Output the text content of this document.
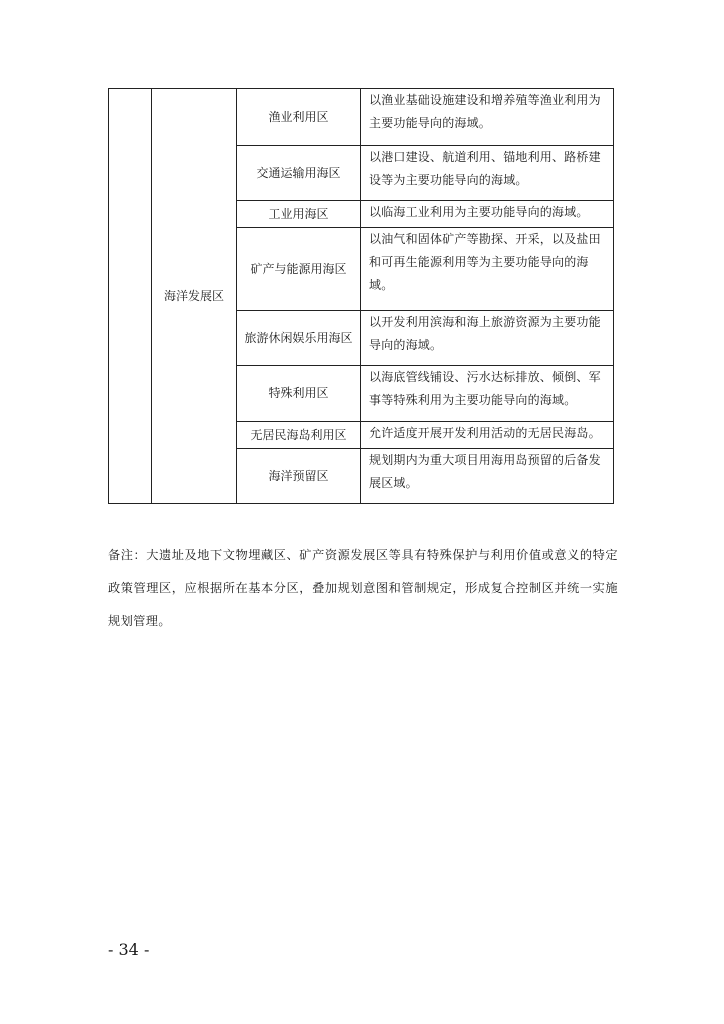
	海洋发展区	渔业利用区	以渔业基础设施建设和增养殖等渔业利用为主要功能导向的海域。
		交通运输用海区	以港口建设、航道利用、锚地利用、路桥建设等为主要功能导向的海域。
		工业用海区	以临海工业利用为主要功能导向的海域。
		矿产与能源用海区	以油气和固体矿产等勘探、开采，以及盐田和可再生能源利用等为主要功能导向的海域。
		旅游休闲娱乐用海区	以开发利用滨海和海上旅游资源为主要功能导向的海域。
		特殊利用区	以海底管线铺设、污水达标排放、倾倒、军事等特殊利用为主要功能导向的海域。
		无居民海岛利用区	允许适度开展开发利用活动的无居民海岛。
		海洋预留区	规划期内为重大项目用海用岛预留的后备发展区域。

备注：大遗址及地下文物埋藏区、矿产资源发展区等具有特殊保护与利用价值或意义的特定政策管理区，应根据所在基本分区，叠加规划意图和管制规定，形成复合控制区并统一实施规划管理。

- 34 -
